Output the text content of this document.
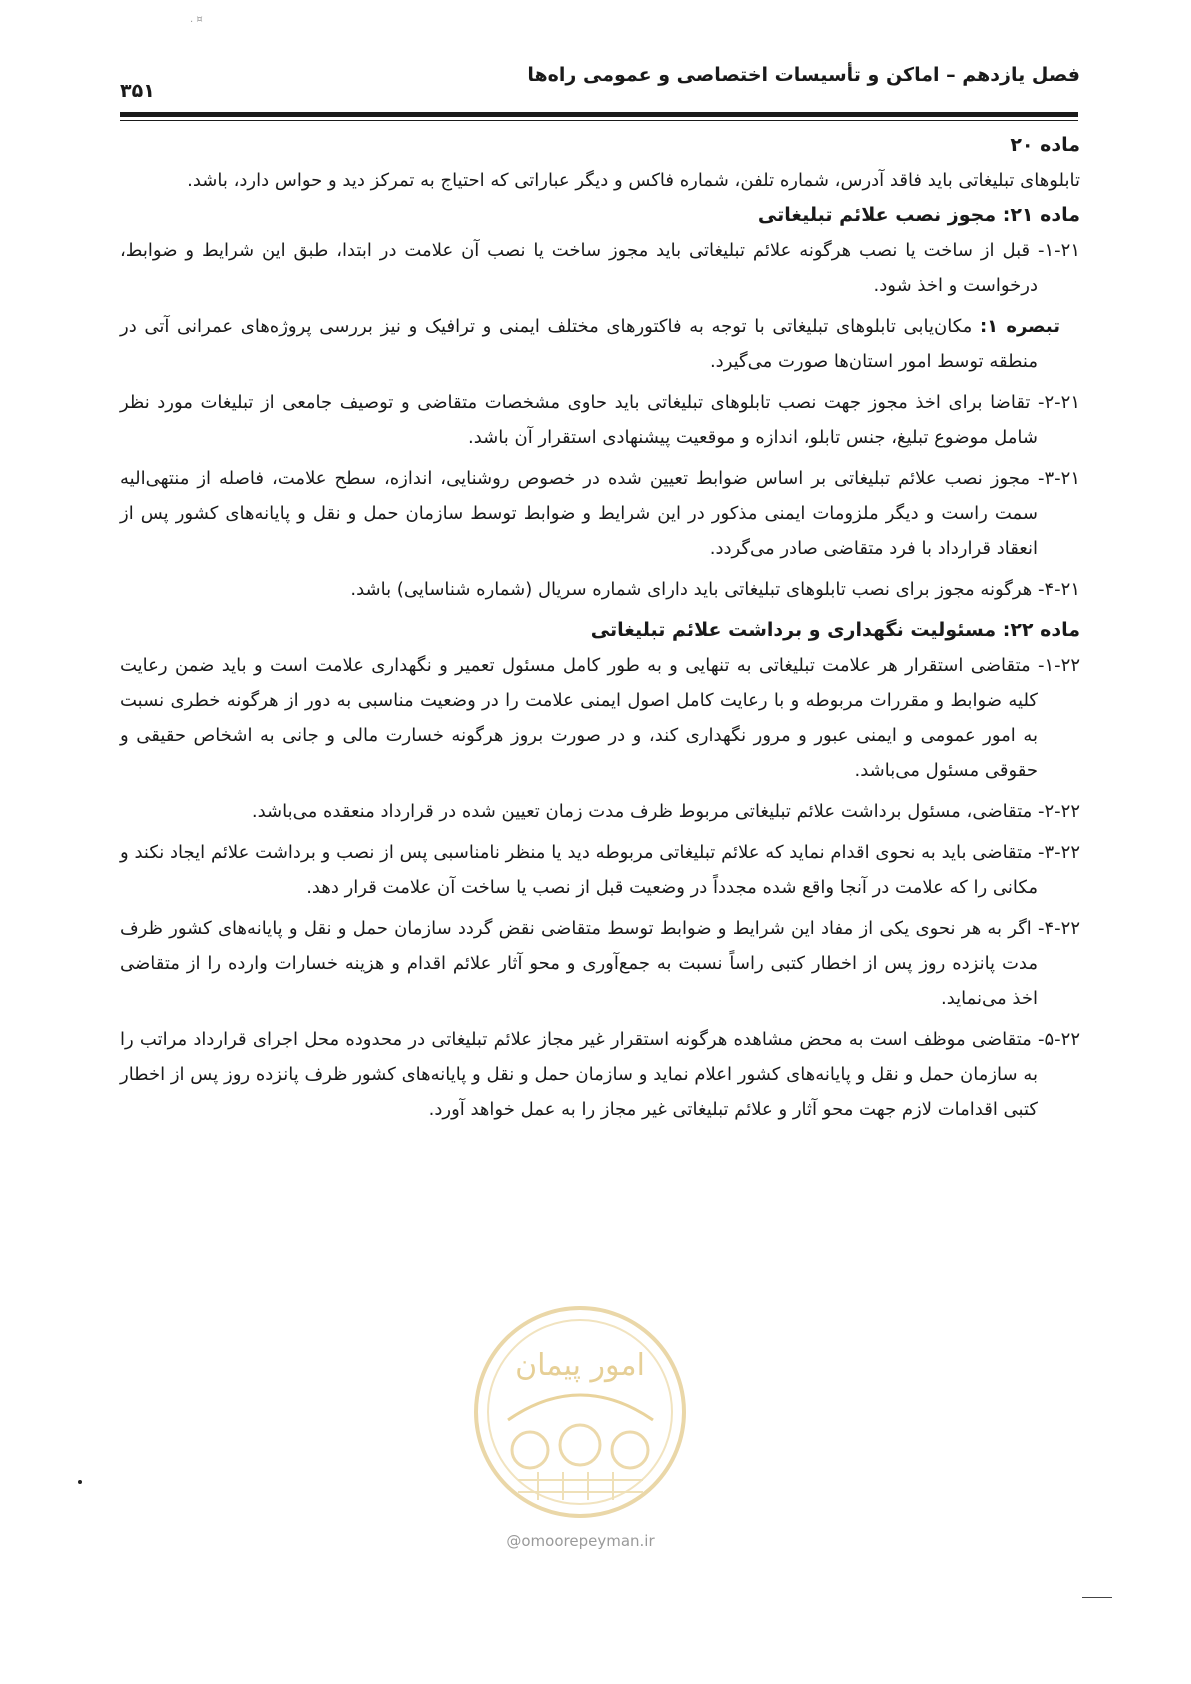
. ¤
فصل یازدهم – اماکن و تأسیسات اختصاصی و عمومی راه‌ها
۳۵۱

ماده ۲۰

تابلوهای تبلیغاتی باید فاقد آدرس، شماره تلفن، شماره فاکس و دیگر عباراتی که احتیاج به تمرکز دید و حواس دارد، باشد.

ماده ۲۱: مجوز نصب علائم تبلیغاتی

۱-۲۱- قبل از ساخت یا نصب هرگونه علائم تبلیغاتی باید مجوز ساخت یا نصب آن علامت در ابتدا، طبق این شرایط و ضوابط، درخواست و اخذ شود.

تبصره ۱: مکان‌یابی تابلوهای تبلیغاتی با توجه به فاکتورهای مختلف ایمنی و ترافیک و نیز بررسی پروژه‌های عمرانی آتی در منطقه توسط امور استان‌ها صورت می‌گیرد.

۲-۲۱- تقاضا برای اخذ مجوز جهت نصب تابلوهای تبلیغاتی باید حاوی مشخصات متقاضی و توصیف جامعی از تبلیغات مورد نظر شامل موضوع تبلیغ، جنس تابلو، اندازه و موقعیت پیشنهادی استقرار آن باشد.

۳-۲۱- مجوز نصب علائم تبلیغاتی بر اساس ضوابط تعیین شده در خصوص روشنایی، اندازه، سطح علامت، فاصله از منتهی‌الیه سمت راست و دیگر ملزومات ایمنی مذکور در این شرایط و ضوابط توسط سازمان حمل و نقل و پایانه‌های کشور پس از انعقاد قرارداد با فرد متقاضی صادر می‌گردد.

۴-۲۱- هرگونه مجوز برای نصب تابلوهای تبلیغاتی باید دارای شماره سریال (شماره شناسایی) باشد.

ماده ۲۲: مسئولیت نگهداری و برداشت علائم تبلیغاتی

۱-۲۲- متقاضی استقرار هر علامت تبلیغاتی به تنهایی و به طور کامل مسئول تعمیر و نگهداری علامت است و باید ضمن رعایت کلیه ضوابط و مقررات مربوطه و با رعایت کامل اصول ایمنی علامت را در وضعیت مناسبی به دور از هرگونه خطری نسبت به امور عمومی و ایمنی عبور و مرور نگهداری کند، و در صورت بروز هرگونه خسارت مالی و جانی به اشخاص حقیقی و حقوقی مسئول می‌باشد.

۲-۲۲- متقاضی، مسئول برداشت علائم تبلیغاتی مربوط ظرف مدت زمان تعیین شده در قرارداد منعقده می‌باشد.

۳-۲۲- متقاضی باید به نحوی اقدام نماید که علائم تبلیغاتی مربوطه دید یا منظر نامناسبی پس از نصب و برداشت علائم ایجاد نکند و مکانی را که علامت در آنجا واقع شده مجدداً در وضعیت قبل از نصب یا ساخت آن علامت قرار دهد.

۴-۲۲- اگر به هر نحوی یکی از مفاد این شرایط و ضوابط توسط متقاضی نقض گردد سازمان حمل و نقل و پایانه‌های کشور ظرف مدت پانزده روز پس از اخطار کتبی راساً نسبت به جمع‌آوری و محو آثار علائم اقدام و هزینه خسارات وارده را از متقاضی اخذ می‌نماید.

۵-۲۲- متقاضی موظف است به محض مشاهده هرگونه استقرار غیر مجاز علائم تبلیغاتی در محدوده محل اجرای قرارداد مراتب را به سازمان حمل و نقل و پایانه‌های کشور اعلام نماید و سازمان حمل و نقل و پایانه‌های کشور ظرف پانزده روز پس از اخطار کتبی اقدامات لازم جهت محو آثار و علائم تبلیغاتی غیر مجاز را به عمل خواهد آورد.

امور پیمان
@omoorepeyman.ir
